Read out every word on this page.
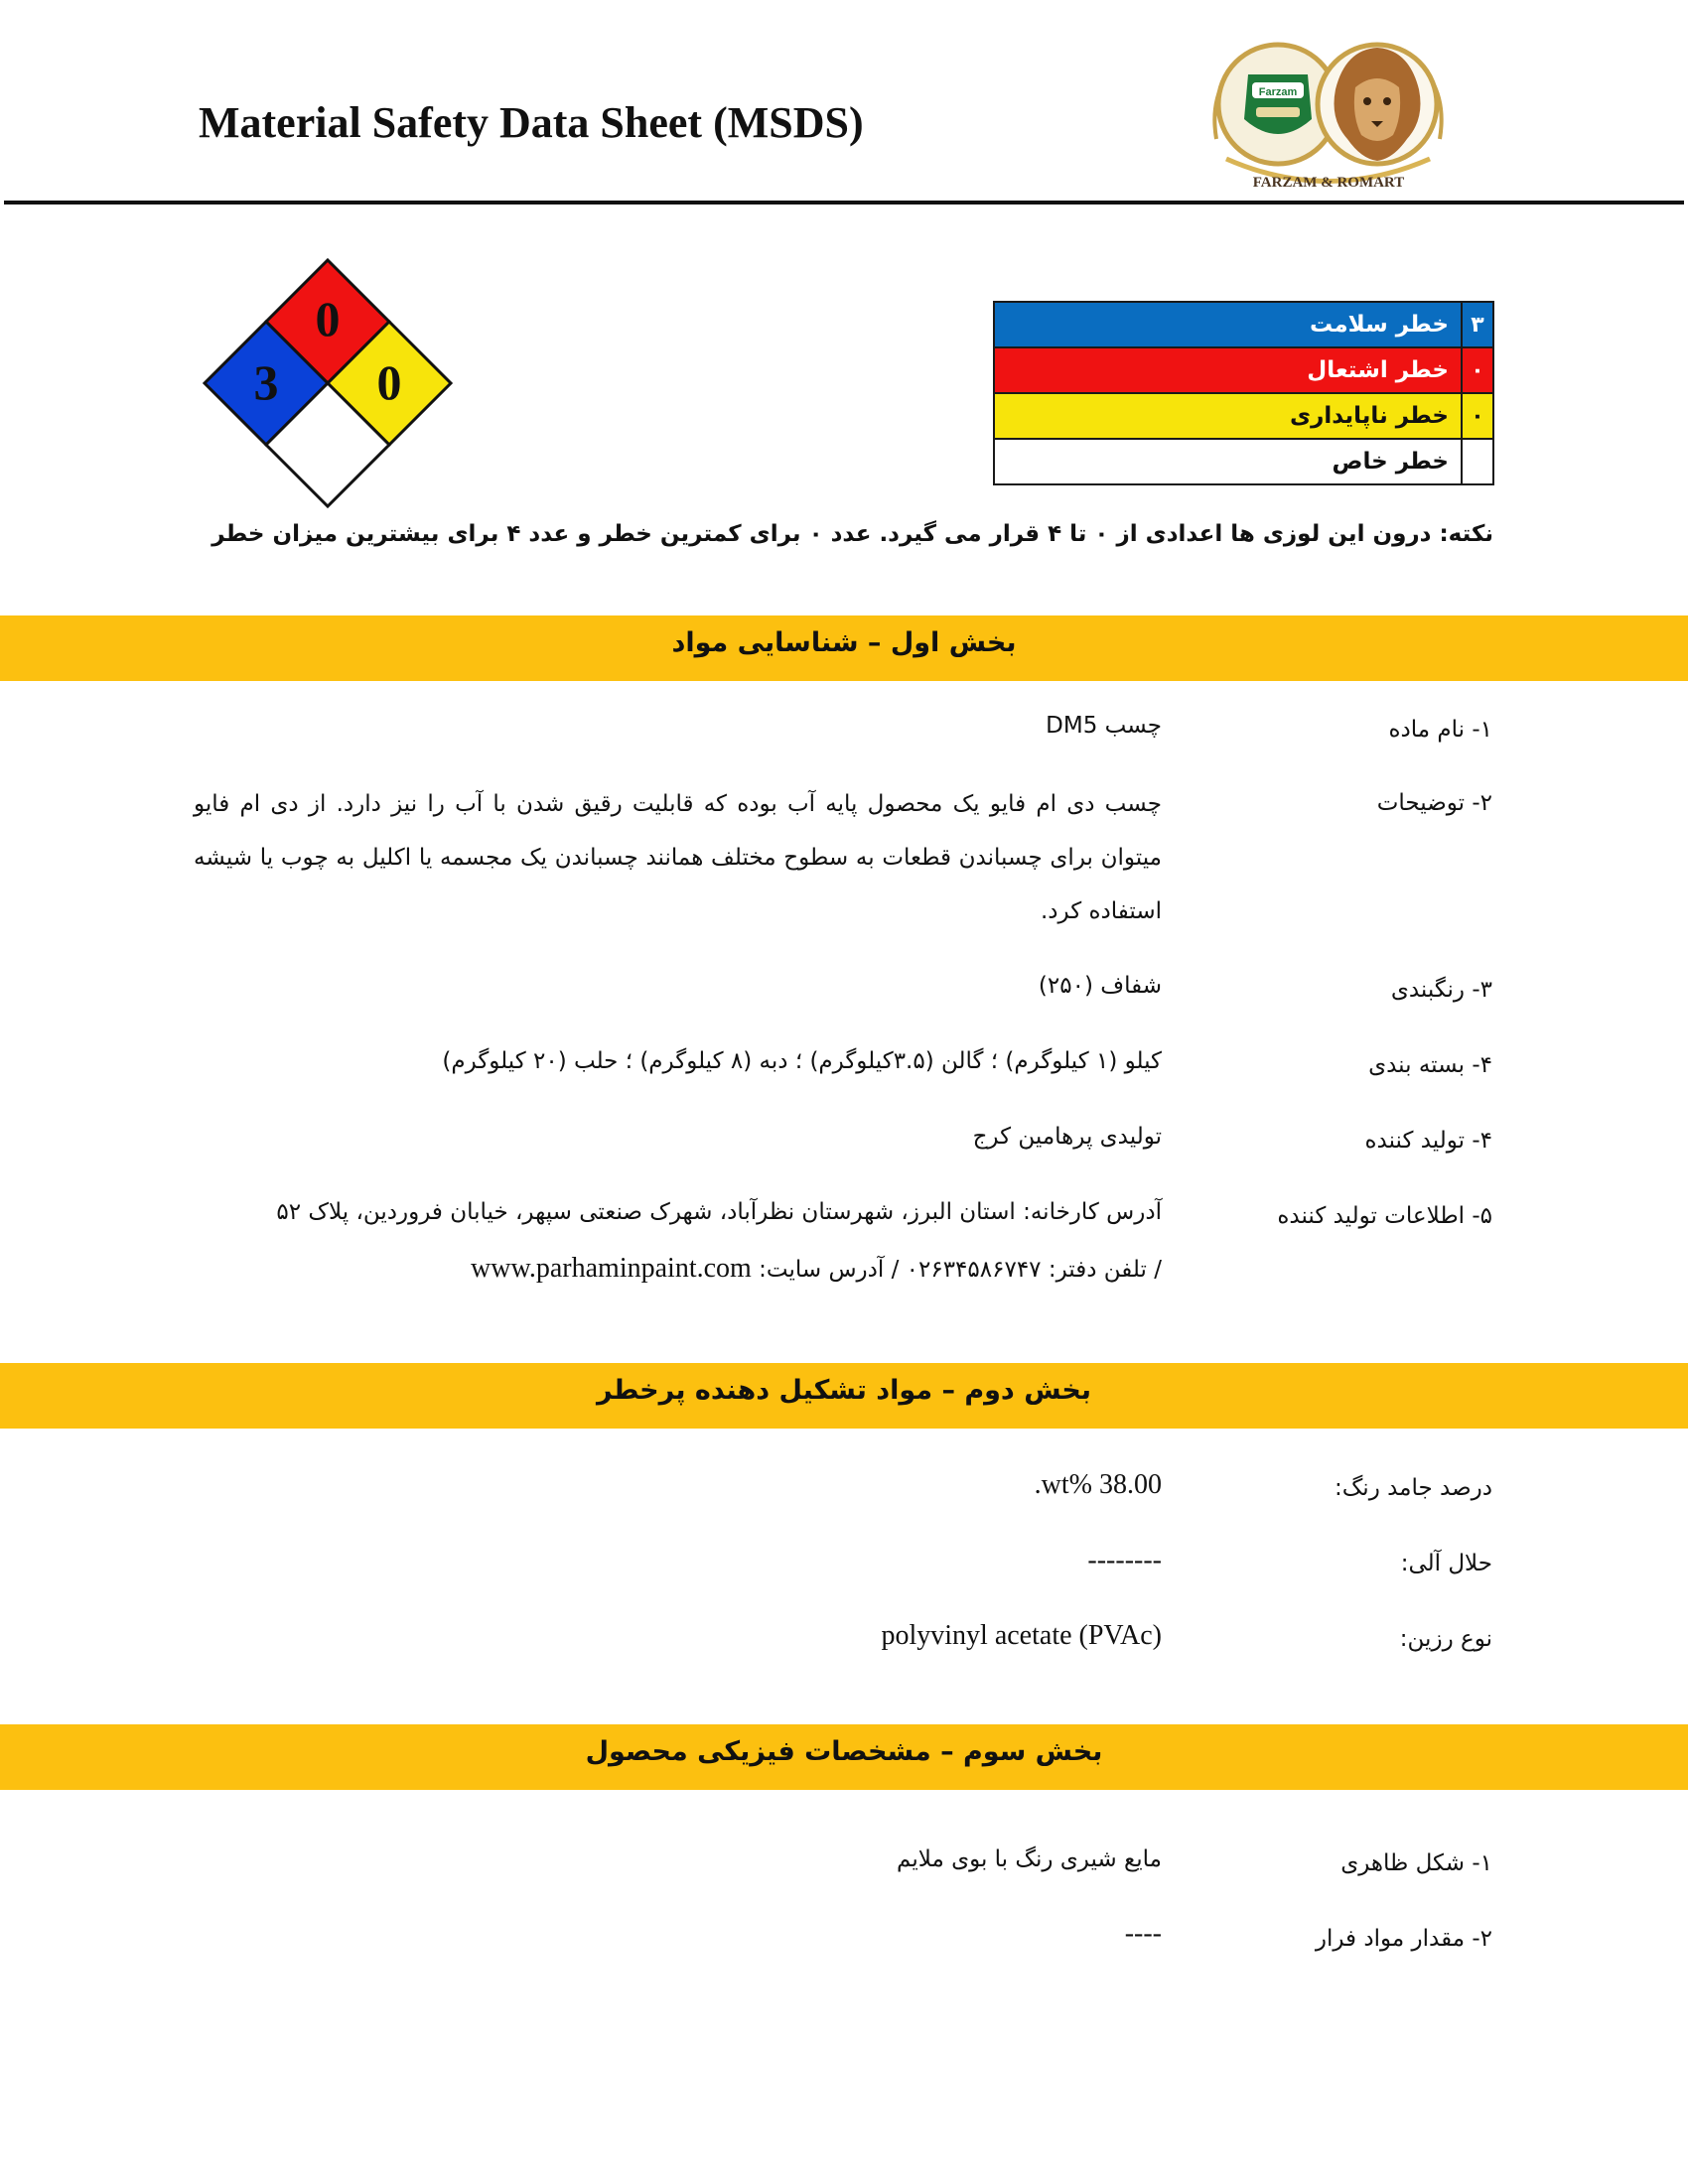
Material Safety Data Sheet (MSDS)
Farzam
FARZAM & ROMART
0
3 0
۳	خطر سلامت
۰	خطر اشتعال
۰	خطر ناپایداری
	خطر خاص
نکته: درون این لوزی ها اعدادی از ۰ تا ۴ قرار می گیرد. عدد ۰ برای کمترین خطر و عدد ۴ برای بیشترین میزان خطر
بخش اول – شناسایی مواد
۱- نام ماده
چسب DM5
۲- توضیحات
چسب دی ام فایو یک محصول پایه آب بوده که قابلیت رقیق شدن با آب را نیز دارد. از دی ام فایو میتوان برای چسباندن قطعات به سطوح مختلف همانند چسباندن یک مجسمه یا اکلیل به چوب یا شیشه استفاده کرد.
۳- رنگبندی
شفاف (۲۵۰)
۴- بسته بندی
کیلو (۱ کیلوگرم) ؛ گالن (۳.۵کیلوگرم) ؛ دبه (۸ کیلوگرم) ؛ حلب (۲۰ کیلوگرم)
۴- تولید کننده
تولیدی پرهامین کرج
۵- اطلاعات تولید کننده
آدرس کارخانه: استان البرز، شهرستان نظرآباد، شهرک صنعتی سپهر، خیابان فروردین، پلاک ۵۲
/ تلفن دفتر: ۰۲۶۳۴۵۸۶۷۴۷ / آدرس سایت: www.parhaminpaint.com
بخش دوم – مواد تشکیل دهنده پرخطر
درصد جامد رنگ:
38.00 %wt.
حلال آلی:
--------
نوع رزین:
polyvinyl acetate (PVAc)
بخش سوم – مشخصات فیزیکی محصول
۱- شکل ظاهری
مایع شیری رنگ با بوی ملایم
۲- مقدار مواد فرار
----
